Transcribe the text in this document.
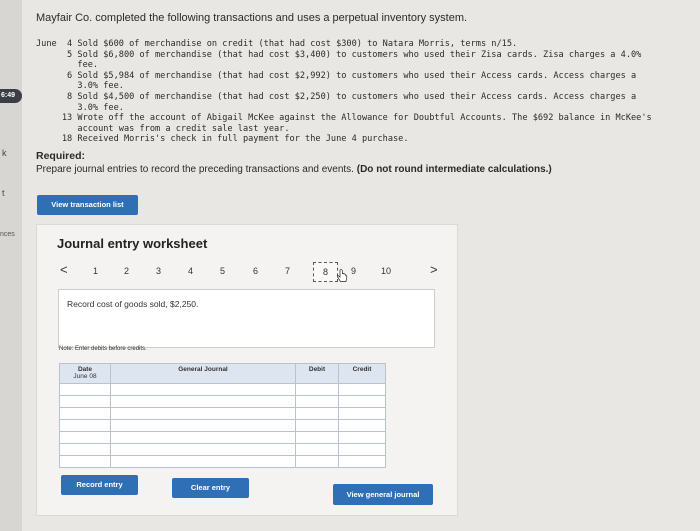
6:49
k
t
nces
Mayfair Co. completed the following transactions and uses a perpetual inventory system.
June  4 Sold $600 of merchandise on credit (that had cost $300) to Natara Morris, terms n/15.
5 Sold $6,800 of merchandise (that had cost $3,400) to customers who used their Zisa cards. Zisa charges a 4.0%
fee.
6 Sold $5,984 of merchandise (that had cost $2,992) to customers who used their Access cards. Access charges a
3.0% fee.
8 Sold $4,500 of merchandise (that had cost $2,250) to customers who used their Access cards. Access charges a
3.0% fee.
13 Wrote off the account of Abigail McKee against the Allowance for Doubtful Accounts. The $692 balance in McKee's
account was from a credit sale last year.
18 Received Morris's check in full payment for the June 4 purchase.
Required:
Prepare journal entries to record the preceding transactions and events. (Do not round intermediate calculations.)
View transaction list
Journal entry worksheet
<	1	2	3	4	5	6	7	8	9	10	>
Record cost of goods sold, $2,250.
Note: Enter debits before credits.
Date
June 08	General Journal	Debit	Credit

Record entry	Clear entry
View general journal
